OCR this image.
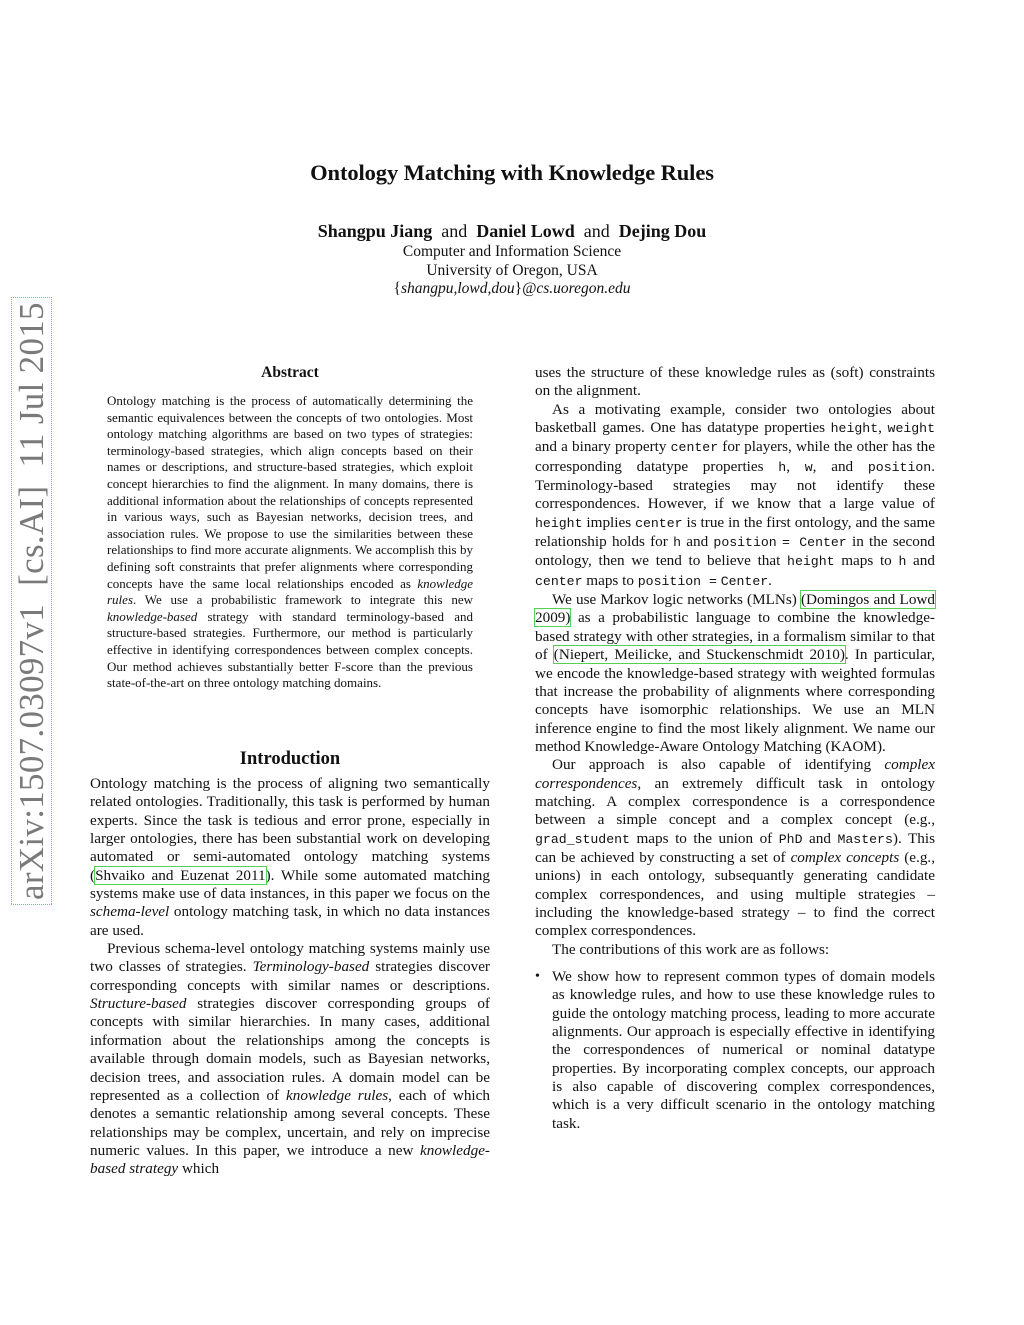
Ontology Matching with Knowledge Rules
Shangpu Jiang and Daniel Lowd and Dejing Dou
Computer and Information Science
University of Oregon, USA
{shangpu,lowd,dou}@cs.uoregon.edu
arXiv:1507.03097v1  [cs.AI]  11 Jul 2015	Abstract

Ontology matching is the process of automatically determining the semantic equivalences between the concepts of two ontologies. Most ontology matching algorithms are based on two types of strategies: terminology-based strategies, which align concepts based on their names or descriptions, and structure-based strategies, which exploit concept hierarchies to find the alignment. In many domains, there is additional information about the relationships of concepts represented in various ways, such as Bayesian networks, decision trees, and association rules. We propose to use the similarities between these relationships to find more accurate alignments. We accomplish this by defining soft constraints that prefer alignments where corresponding concepts have the same local relationships encoded as knowledge rules. We use a probabilistic framework to integrate this new knowledge-based strategy with standard terminology-based and structure-based strategies. Furthermore, our method is particularly effective in identifying correspondences between complex concepts. Our method achieves substantially better F-score than the previous state-of-the-art on three ontology matching domains.

Introduction

Ontology matching is the process of aligning two semantically related ontologies. Traditionally, this task is performed by human experts. Since the task is tedious and error prone, especially in larger ontologies, there has been substantial work on developing automated or semi-automated ontology matching systems (Shvaiko and Euzenat 2011). While some automated matching systems make use of data instances, in this paper we focus on the schema-level ontology matching task, in which no data instances are used.

Previous schema-level ontology matching systems mainly use two classes of strategies. Terminology-based strategies discover corresponding concepts with similar names or descriptions. Structure-based strategies discover corresponding groups of concepts with similar hierarchies. In many cases, additional information about the relationships among the concepts is available through domain models, such as Bayesian networks, decision trees, and association rules. A domain model can be represented as a collection of knowledge rules, each of which denotes a semantic relationship among several concepts. These relationships may be complex, uncertain, and rely on imprecise numeric values. In this paper, we introduce a new knowledge-based strategy which

uses the structure of these knowledge rules as (soft) constraints on the alignment.

As a motivating example, consider two ontologies about basketball games. One has datatype properties height, weight and a binary property center for players, while the other has the corresponding datatype properties h, w, and position. Terminology-based strategies may not identify these correspondences. However, if we know that a large value of height implies center is true in the first ontology, and the same relationship holds for h and position = Center in the second ontology, then we tend to believe that height maps to h and center maps to position = Center.

We use Markov logic networks (MLNs) (Domingos and Lowd 2009) as a probabilistic language to combine the knowledge-based strategy with other strategies, in a formalism similar to that of (Niepert, Meilicke, and Stuckenschmidt 2010). In particular, we encode the knowledge-based strategy with weighted formulas that increase the probability of alignments where corresponding concepts have isomorphic relationships. We use an MLN inference engine to find the most likely alignment. We name our method Knowledge-Aware Ontology Matching (KAOM).

Our approach is also capable of identifying complex correspondences, an extremely difficult task in ontology matching. A complex correspondence is a correspondence between a simple concept and a complex concept (e.g., grad_student maps to the union of PhD and Masters). This can be achieved by constructing a set of complex concepts (e.g., unions) in each ontology, subsequantly generating candidate complex correspondences, and using multiple strategies – including the knowledge-based strategy – to find the correct complex correspondences.

The contributions of this work are as follows:

• We show how to represent common types of domain models as knowledge rules, and how to use these knowledge rules to guide the ontology matching process, leading to more accurate alignments. Our approach is especially effective in identifying the correspondences of numerical or nominal datatype properties. By incorporating complex concepts, our approach is also capable of discovering complex correspondences, which is a very difficult scenario in the ontology matching task.
